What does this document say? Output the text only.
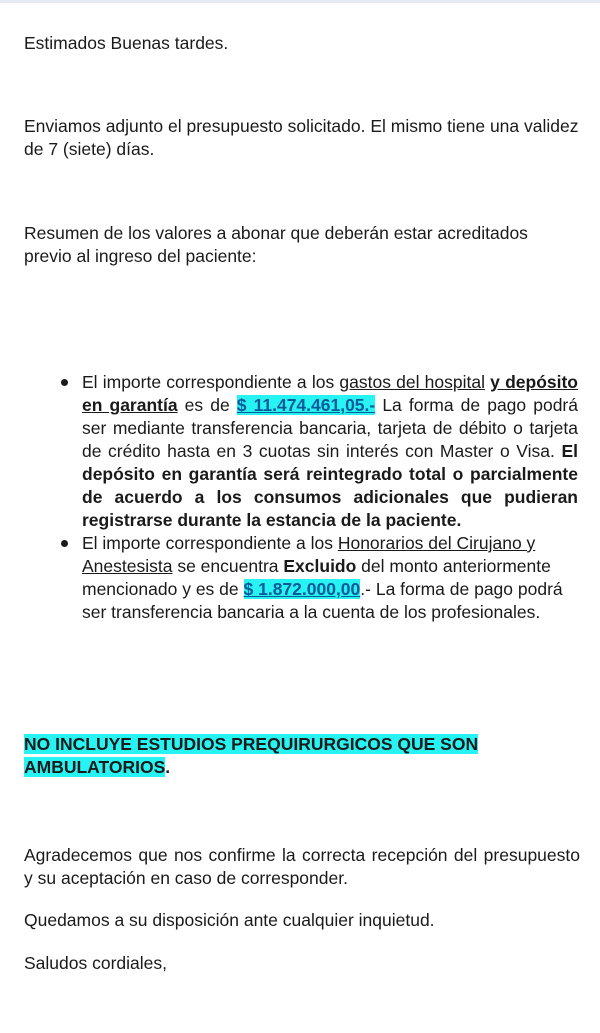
Estimados Buenas tardes.

Enviamos adjunto el presupuesto solicitado. El mismo tiene una validez de 7 (siete) días.

Resumen de los valores a abonar que deberán estar acreditados previo al ingreso del paciente:

El importe correspondiente a los gastos del hospital y depósito en garantía es de $ 11.474.461,05.- La forma de pago podrá ser mediante transferencia bancaria, tarjeta de débito o tarjeta de crédito hasta en 3 cuotas sin interés con Master o Visa. El depósito en garantía será reintegrado total o parcialmente de acuerdo a los consumos adicionales que pudieran registrarse durante la estancia de la paciente.
El importe correspondiente a los Honorarios del Cirujano y Anestesista se encuentra Excluido del monto anteriormente mencionado y es de $ 1.872.000,00.- La forma de pago podrá ser transferencia bancaria a la cuenta de los profesionales.

NO INCLUYE ESTUDIOS PREQUIRURGICOS QUE SON AMBULATORIOS.

Agradecemos que nos confirme la correcta recepción del presupuesto y su aceptación en caso de corresponder.

Quedamos a su disposición ante cualquier inquietud.

Saludos cordiales,
